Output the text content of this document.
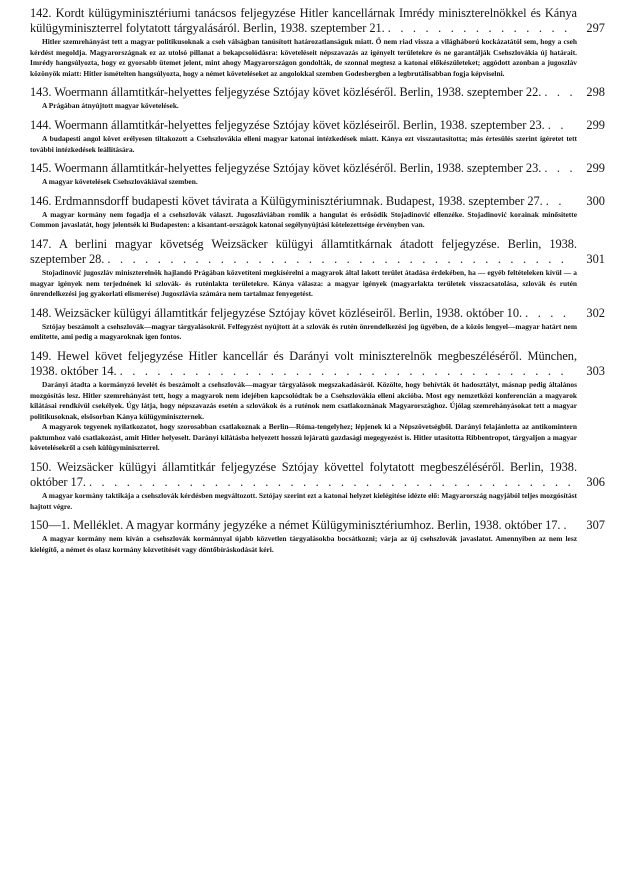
142. Kordt külügyminisztériumi tanácsos feljegyzése Hitler kancellárnak Imrédy miniszterelnökkel és Kánya külügyminiszterrel folytatott tárgyalásáról. Berlin, 1938. szeptember 21. . . . . . . . . . . . . . . .	297
Hitler szemrehányást tett a magyar politikusoknak a cseh válságban tanúsított határozatlanságuk miatt. Ő nem riad vissza a világháború kockázatától sem, hogy a cseh kérdést megoldja. Magyarországnak ez az utolsó pillanat a bekapcsolódásra: követeléseit népszavazás az igényelt területekre és ne garantálják Csehszlovákia új határait. Imrédy hangsúlyozta, hogy ez gyorsabb ütemet jelent, mint ahogy Magyarországon gondolták, de szonnal megtesz a katonai előkészületeket; aggódott azonban a jugoszláv közönyök miatt: Hitler ismételten hangsúlyozta, hogy a német követeléseket az angolokkal szemben Godesbergben a legbrutálisabban fogja képviselni.
143. Woermann államtitkár-helyettes feljegyzése Sztójay követ közléséről. Berlin, 1938. szeptember 22. . . . 298
A Prágában átnyújtott magyar követelések.
144. Woermann államtitkár-helyettes feljegyzése Sztójay követ közléseiről. Berlin, 1938. szeptember 23. . .	299
A budapesti angol követ erélyesen tiltakozott a Csehszlovákia elleni magyar katonai intézkedések miatt. Kánya ezt visszautasította; más értesülés szerint ígéretet tett további intézkedések leállítására.
145. Woermann államtitkár-helyettes feljegyzése Sztójay követ közléséről. Berlin, 1938. szeptember 23. . . . 299
A magyar követelések Csehszlovákiával szemben.
146. Erdmannsdorff budapesti követ távirata a Külügyminisztériumnak. Budapest, 1938. szeptember 27. . .	300
A magyar kormány nem fogadja el a csehszlovák választ. Jugoszláviában romlik a hangulat és erősödik Stojadinović ellenzéke. Stojadinović korainak minősítette Common javaslatát, hogy jelentsék ki Budapesten: a kisantant-országok katonai segélynyújtási kötelezettsége érvényben van.
147. A berlini magyar követség Weizsäcker külügyi államtitkárnak átadott feljegyzése. Berlin, 1938. szeptember 28. . . . . . . . . . . . . . . . . . . . . . . . . . . . . . . . . . . . . .	301
Stojadinović jugoszláv miniszterelnök hajlandó Prágában közvetíteni megkísérelni a magyarok által lakott terület átadása érdekében, ha — egyéb feltételeken kívül — a magyar igények nem terjednének ki szlovák- és ruténlakta területekre. Kánya válasza: a magyar igények (magyarlakta területek visszacsatolása, szlovák és rutén önrendelkezési jog gyakorlati elismerése) Jugoszlávia számára nem tartalmaz fenyegetést.
148. Weizsäcker külügyi államtitkár feljegyzése Sztójay követ közléseiről. Berlin, 1938. október 10. . . . .	302
Sztójay beszámolt a csehszlovák—magyar tárgyalásokról. Felfegyzést nyújtott át a szlovák és rutén önrendelkezési jog ügyében, de a közös lengyel—magyar határt nem említette, ami pedig a magyaroknak igen fontos.
149. Hewel követ feljegyzése Hitler kancellár és Darányi volt miniszterelnök megbeszéléséről. München, 1938. október 14. . . . . . . . . . . . . . . . . . . . . . . . . . . . . . . . . . . . .	303
Darányi átadta a kormányzó levelét és beszámolt a csehszlovák—magyar tárgyalások megszakadásáról. Közölte, hogy behívták öt hadosztályt, másnap pedig általános mozgósítás lesz. Hitler szemrehányást tett, hogy a magyarok nem idejében kapcsolódtak be a Csehszlovákia elleni akcióba. Most egy nemzetközi konferencián a magyarok kilátásai rendkívül csekélyek. Úgy látja, hogy népszavazás esetén a szlovákok és a ruténok nem csatlakoznának Magyarországhoz. Újólag szemrehányásokat tett a magyar politikusoknak, elsősorban Kánya külügyminiszternek.
A magyarok tegyenek nyilatkozatot, hogy szorosabban csatlakoznak a Berlin—Róma-tengelyhez; lépjenek ki a Népszövetségből. Darányi felajánlotta az antikomintern paktumhoz való csatlakozást, amit Hitler helyeselt. Darányi kilátásba helyezett hosszú lejáratú gazdasági megegyezést is. Hitler utasította Ribbentropot, tárgyaljon a magyar követelésekről a cseh külügyminiszterrel.
150. Weizsäcker külügyi államtitkár feljegyzése Sztójay követtel folytatott megbeszéléséről. Berlin, 1938. október 17. . . . . . . . . . . . . . . . . . . . . . . . . . . . . . . . . . . . . . . .	306
A magyar kormány taktikája a csehszlovák kérdésben megváltozott. Sztójay szerint ezt a katonai helyzet kielégítése idézte elő: Magyarország nagyjából teljes mozgósítást hajtott végre.
150—1. Melléklet. A magyar kormány jegyzéke a német Külügyminisztériumhoz. Berlin, 1938. október 17. .	307
A magyar kormány nem kíván a csehszlovák kormánnyal újabb közvetlen tárgyalásokba bocsátkozni; várja az új csehszlovák javaslatot. Amennyiben az nem lesz kielégítő, a német és olasz kormány közvetítését vagy döntőbíráskodását kéri.
